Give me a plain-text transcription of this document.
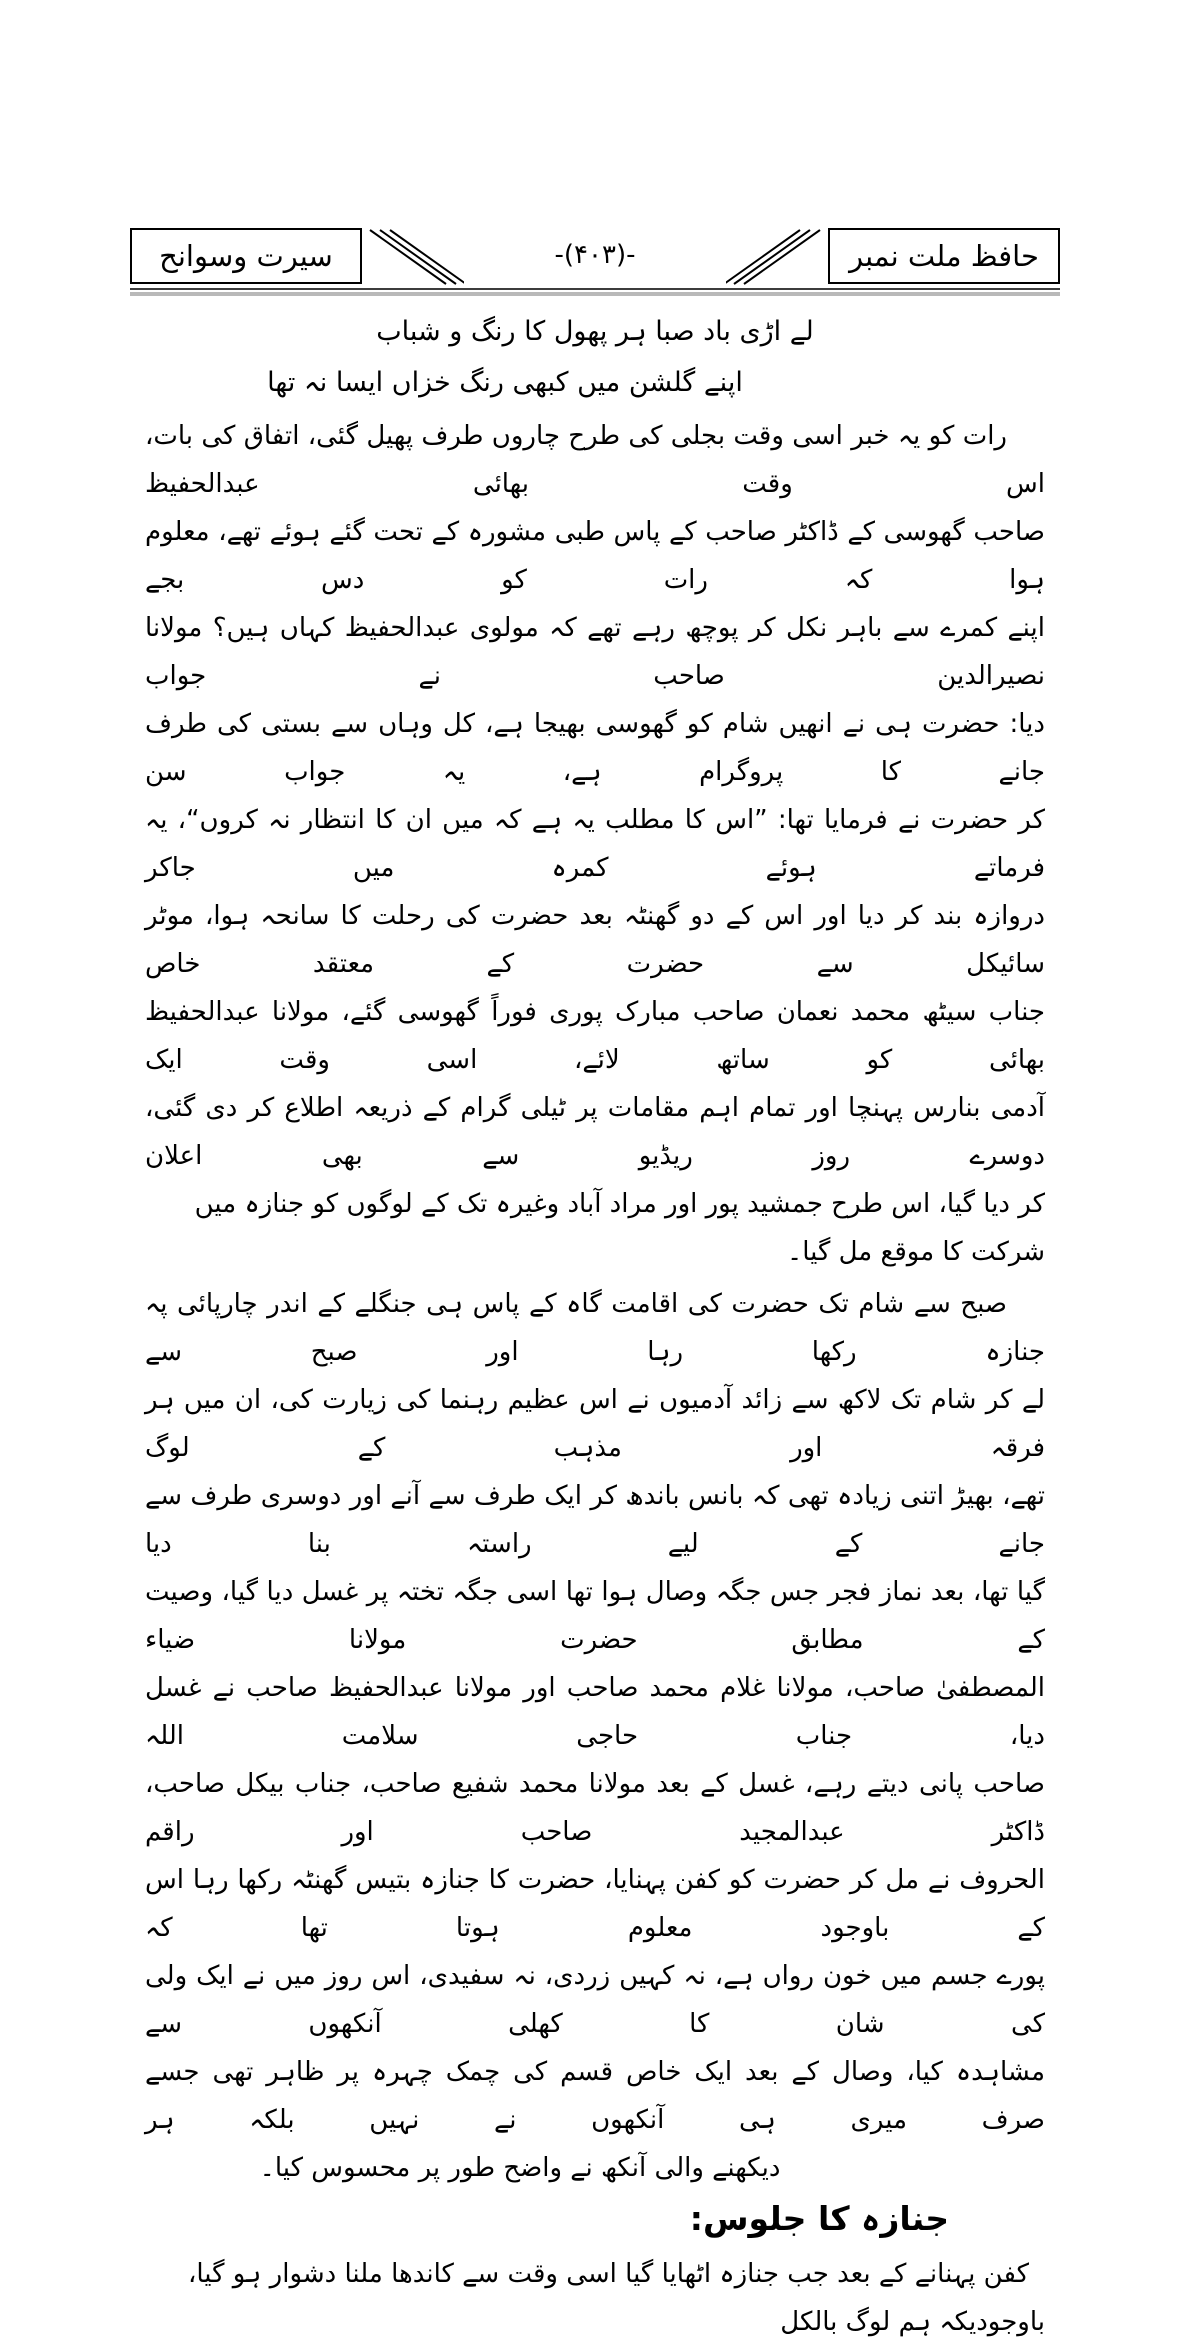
سیرت وسوانح	-(۴۰۳)-	حافظ ملت نمبر
لے اڑی باد صبا ہر پھول کا رنگ و شباب
اپنے گلشن میں کبھی رنگ خزاں ایسا نہ تھا
رات کو یہ خبر اسی وقت بجلی کی طرح چاروں طرف پھیل گئی، اتفاق کی بات، اس وقت بھائی عبدالحفیظ
صاحب گھوسی کے ڈاکٹر صاحب کے پاس طبی مشورہ کے تحت گئے ہوئے تھے، معلوم ہوا کہ رات کو دس بجے
اپنے کمرے سے باہر نکل کر پوچھ رہے تھے کہ مولوی عبدالحفیظ کہاں ہیں؟ مولانا نصیرالدین صاحب نے جواب
دیا: حضرت ہی نے انھیں شام کو گھوسی بھیجا ہے، کل وہاں سے بستی کی طرف جانے کا پروگرام ہے، یہ جواب سن
کر حضرت نے فرمایا تھا: ”اس کا مطلب یہ ہے کہ میں ان کا انتظار نہ کروں“، یہ فرماتے ہوئے کمرہ میں جاکر
دروازہ بند کر دیا اور اس کے دو گھنٹہ بعد حضرت کی رحلت کا سانحہ ہوا، موٹر سائیکل سے حضرت کے معتقد خاص
جناب سیٹھ محمد نعمان صاحب مبارک پوری فوراً گھوسی گئے، مولانا عبدالحفیظ بھائی کو ساتھ لائے، اسی وقت ایک
آدمی بنارس پہنچا اور تمام اہم مقامات پر ٹیلی گرام کے ذریعہ اطلاع کر دی گئی، دوسرے روز ریڈیو سے بھی اعلان
کر دیا گیا، اس طرح جمشید پور اور مراد آباد وغیرہ تک کے لوگوں کو جنازہ میں شرکت کا موقع مل گیا۔
صبح سے شام تک حضرت کی اقامت گاہ کے پاس ہی جنگلے کے اندر چارپائی پہ جنازہ رکھا رہا اور صبح سے
لے کر شام تک لاکھ سے زائد آدمیوں نے اس عظیم رہنما کی زیارت کی، ان میں ہر فرقہ اور مذہب کے لوگ
تھے، بھیڑ اتنی زیادہ تھی کہ بانس باندھ کر ایک طرف سے آنے اور دوسری طرف سے جانے کے لیے راستہ بنا دیا
گیا تھا، بعد نماز فجر جس جگہ وصال ہوا تھا اسی جگہ تختہ پر غسل دیا گیا، وصیت کے مطابق حضرت مولانا ضیاء
المصطفیٰ صاحب، مولانا غلام محمد صاحب اور مولانا عبدالحفیظ صاحب نے غسل دیا، جناب حاجی سلامت اللہ
صاحب پانی دیتے رہے، غسل کے بعد مولانا محمد شفیع صاحب، جناب بیکل صاحب، ڈاکٹر عبدالمجید صاحب اور راقم
الحروف نے مل کر حضرت کو کفن پہنایا، حضرت کا جنازہ بتیس گھنٹہ رکھا رہا اس کے باوجود معلوم ہوتا تھا کہ
پورے جسم میں خون رواں ہے، نہ کہیں زردی، نہ سفیدی، اس روز میں نے ایک ولی کی شان کا کھلی آنکھوں سے
مشاہدہ کیا، وصال کے بعد ایک خاص قسم کی چمک چہرہ پر ظاہر تھی جسے صرف میری ہی آنکھوں نے نہیں بلکہ ہر
دیکھنے والی آنکھ نے واضح طور پر محسوس کیا۔
جنازہ کا جلوس:
کفن پہنانے کے بعد جب جنازہ اٹھایا گیا اسی وقت سے کاندھا ملنا دشوار ہو گیا، باوجودیکہ ہم لوگ بالکل
